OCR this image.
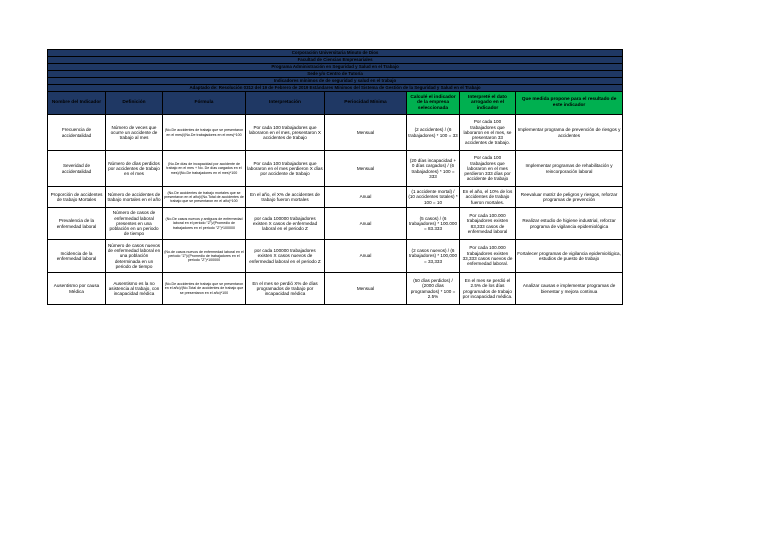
Corporación Universitaria Minuto de Dios							
Facultad de Ciencias Empresariales							
Programa Administración en Seguridad y Salud en el Trabajo							
Sede y/o Centro de Tutoría							
Indicadores mínimos de de seguridad y salud en el trabajo							
Adaptado de: Resolución 0312 del 19 de Febrero de 2019 Estándares Mínimos del Sistema de Gestión de la Seguridad y Salud en el Trabajo							
Nombre del Indicador	Definición	Fórmula	Interpretación	Periocidad Mínima	Calculé el indicador de la empresa seleccionada	Interpreté el dato arrogado en el indicador	Que medida propone para el resultado de este indicador
Frecuencia de accidentalidad	Número de veces que ocurre un accidente de trabajo al mes	(No.De accidentes de trabajo que se presentaron en el mes)/(No.De trabajadores en el mes)*100	Por cada 100 trabajadores que laboraron en el mes, presentaron X accidentes de trabajo	Mensual	(2 accidentes) / (6 trabajadores) * 100 = 33	Por cada 100 trabajadores que laboraron en el mes, se presentaron 33 accidentes de trabajo.	Implementar programa de prevención de riesgos y accidentes
Severidad de accidentalidad	Número de días perdidos por accidentes de trabajo en el mes	(No.De días de incapacidad por accidente de trabajo en el mes + No. De días cargados en el mes)/(No.De trabajadores en el mes)*100	Por cada 100 trabajadores que laboraron en el mes perdieron X días por accidente de trabajo	Mensual	(20 días incapacidad + 0 días cargados) / (6 trabajadores) * 100 = 333	Por cada 100 trabajadores que laboraron en el mes perdieron 333 días por accidente de trabajo	Implementar programas de rehabilitación y reincorporación laboral
Proporción de accidentes de trabajo Mortales	Número de accidentes de trabajo mortales en el año	(No.De accidentes de trabajo mortales que se presentaron en el año)/(No.Total de accidentes de trabajo que se presentaron en el año)*100	En el año, el X% de accidentes de trabajo fueron mortales	Anual	(1 accidente mortal) / (10 accidentes totales) * 100 = 10	En el año, el 10% de los accidentes de trabajo fueron mortales.	Reevaluar matriz de peligros y riesgos, reforzar programas de prevención
Prevalencia de la enfermedad laboral	Número de casos de enfermedad laboral presentes en una población en un periodo de tiempo	(No.De casos nuevos y antiguos de enfermedad laboral en el periodo "Z")/(Promedio de trabajadores en el periodo "Z")*100000	por cada 100000 trabajadores existen X casos de enfermedad laboral en el periodo Z	Anual	(5 casos) / (6 trabajadores) * 100.000 = 83.333	Por cada 100.000 trabajadores existen 83,333 casos de enfermedad laboral	Realizar estudio de higiene industrial, reforzar programa de vigilancia epidemiológica
Incidencia de la enfermedad laboral	Número de casos nuevos de enfermedad laboral en una población determinada en un periodo de tiempo	(No.de casos nuevos de enfermedad laboral en el periodo "Z")/(Promedio de trabajadores en el periodo "Z")*100000	por cada 100000 trabajadores existen X casos nuevos de enfermedad laboral en el periodo Z	Anual	(2 casos nuevos) / (6 trabajadores) * 100,000 = 33,333	Por cada 100.000 trabajadores existen 33,333 casos nuevos de enfermedad laboral.	Fortalecer programas de vigilancia epidemiológica, estudios de puesto de trabajo
Ausentismo por causa Médica	Ausentismo es la no asistencia al trabajo, con incapacidad médica	(No.De accidentes de trabajo que se presentaron en el año)/(No.Total de accidentes de trabajo que se presentaron en el año)*100	En el mes se perdió X% de días programados de trabajo por incapacidad médica	Mensual	(50 días perdidos) / (2000 días programados) * 100 = 2.5%	En el mes se perdió el 2.5% de los días programados de trabajo por incapacidad médica.	Analizar causas e implementar programas de bienestar y mejora continua
